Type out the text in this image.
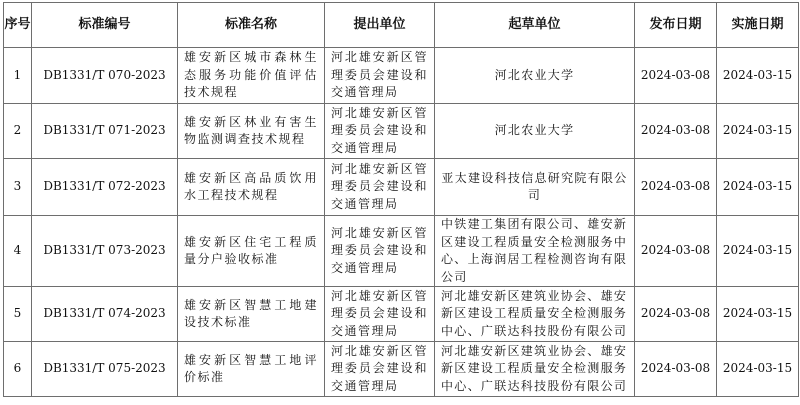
序号	标准编号	标准名称	提出单位	起草单位	发布日期	实施日期
1	DB1331/T 070-2023	雄安新区城市森林生态服务功能价值评估技术规程	河北雄安新区管理委员会建设和交通管理局	河北农业大学	2024-03-08	2024-03-15
2	DB1331/T 071-2023	雄安新区林业有害生物监测调查技术规程	河北雄安新区管理委员会建设和交通管理局	河北农业大学	2024-03-08	2024-03-15
3	DB1331/T 072-2023	雄安新区高品质饮用水工程技术规程	河北雄安新区管理委员会建设和交通管理局	亚太建设科技信息研究院有限公司	2024-03-08	2024-03-15
4	DB1331/T 073-2023	雄安新区住宅工程质量分户验收标准	河北雄安新区管理委员会建设和交通管理局	中铁建工集团有限公司、雄安新区建设工程质量安全检测服务中心、上海润居工程检测咨询有限公司	2024-03-08	2024-03-15
5	DB1331/T 074-2023	雄安新区智慧工地建设技术标准	河北雄安新区管理委员会建设和交通管理局	河北雄安新区建筑业协会、雄安新区建设工程质量安全检测服务中心、广联达科技股份有限公司	2024-03-08	2024-03-15
6	DB1331/T 075-2023	雄安新区智慧工地评价标准	河北雄安新区管理委员会建设和交通管理局	河北雄安新区建筑业协会、雄安新区建设工程质量安全检测服务中心、广联达科技股份有限公司	2024-03-08	2024-03-15
